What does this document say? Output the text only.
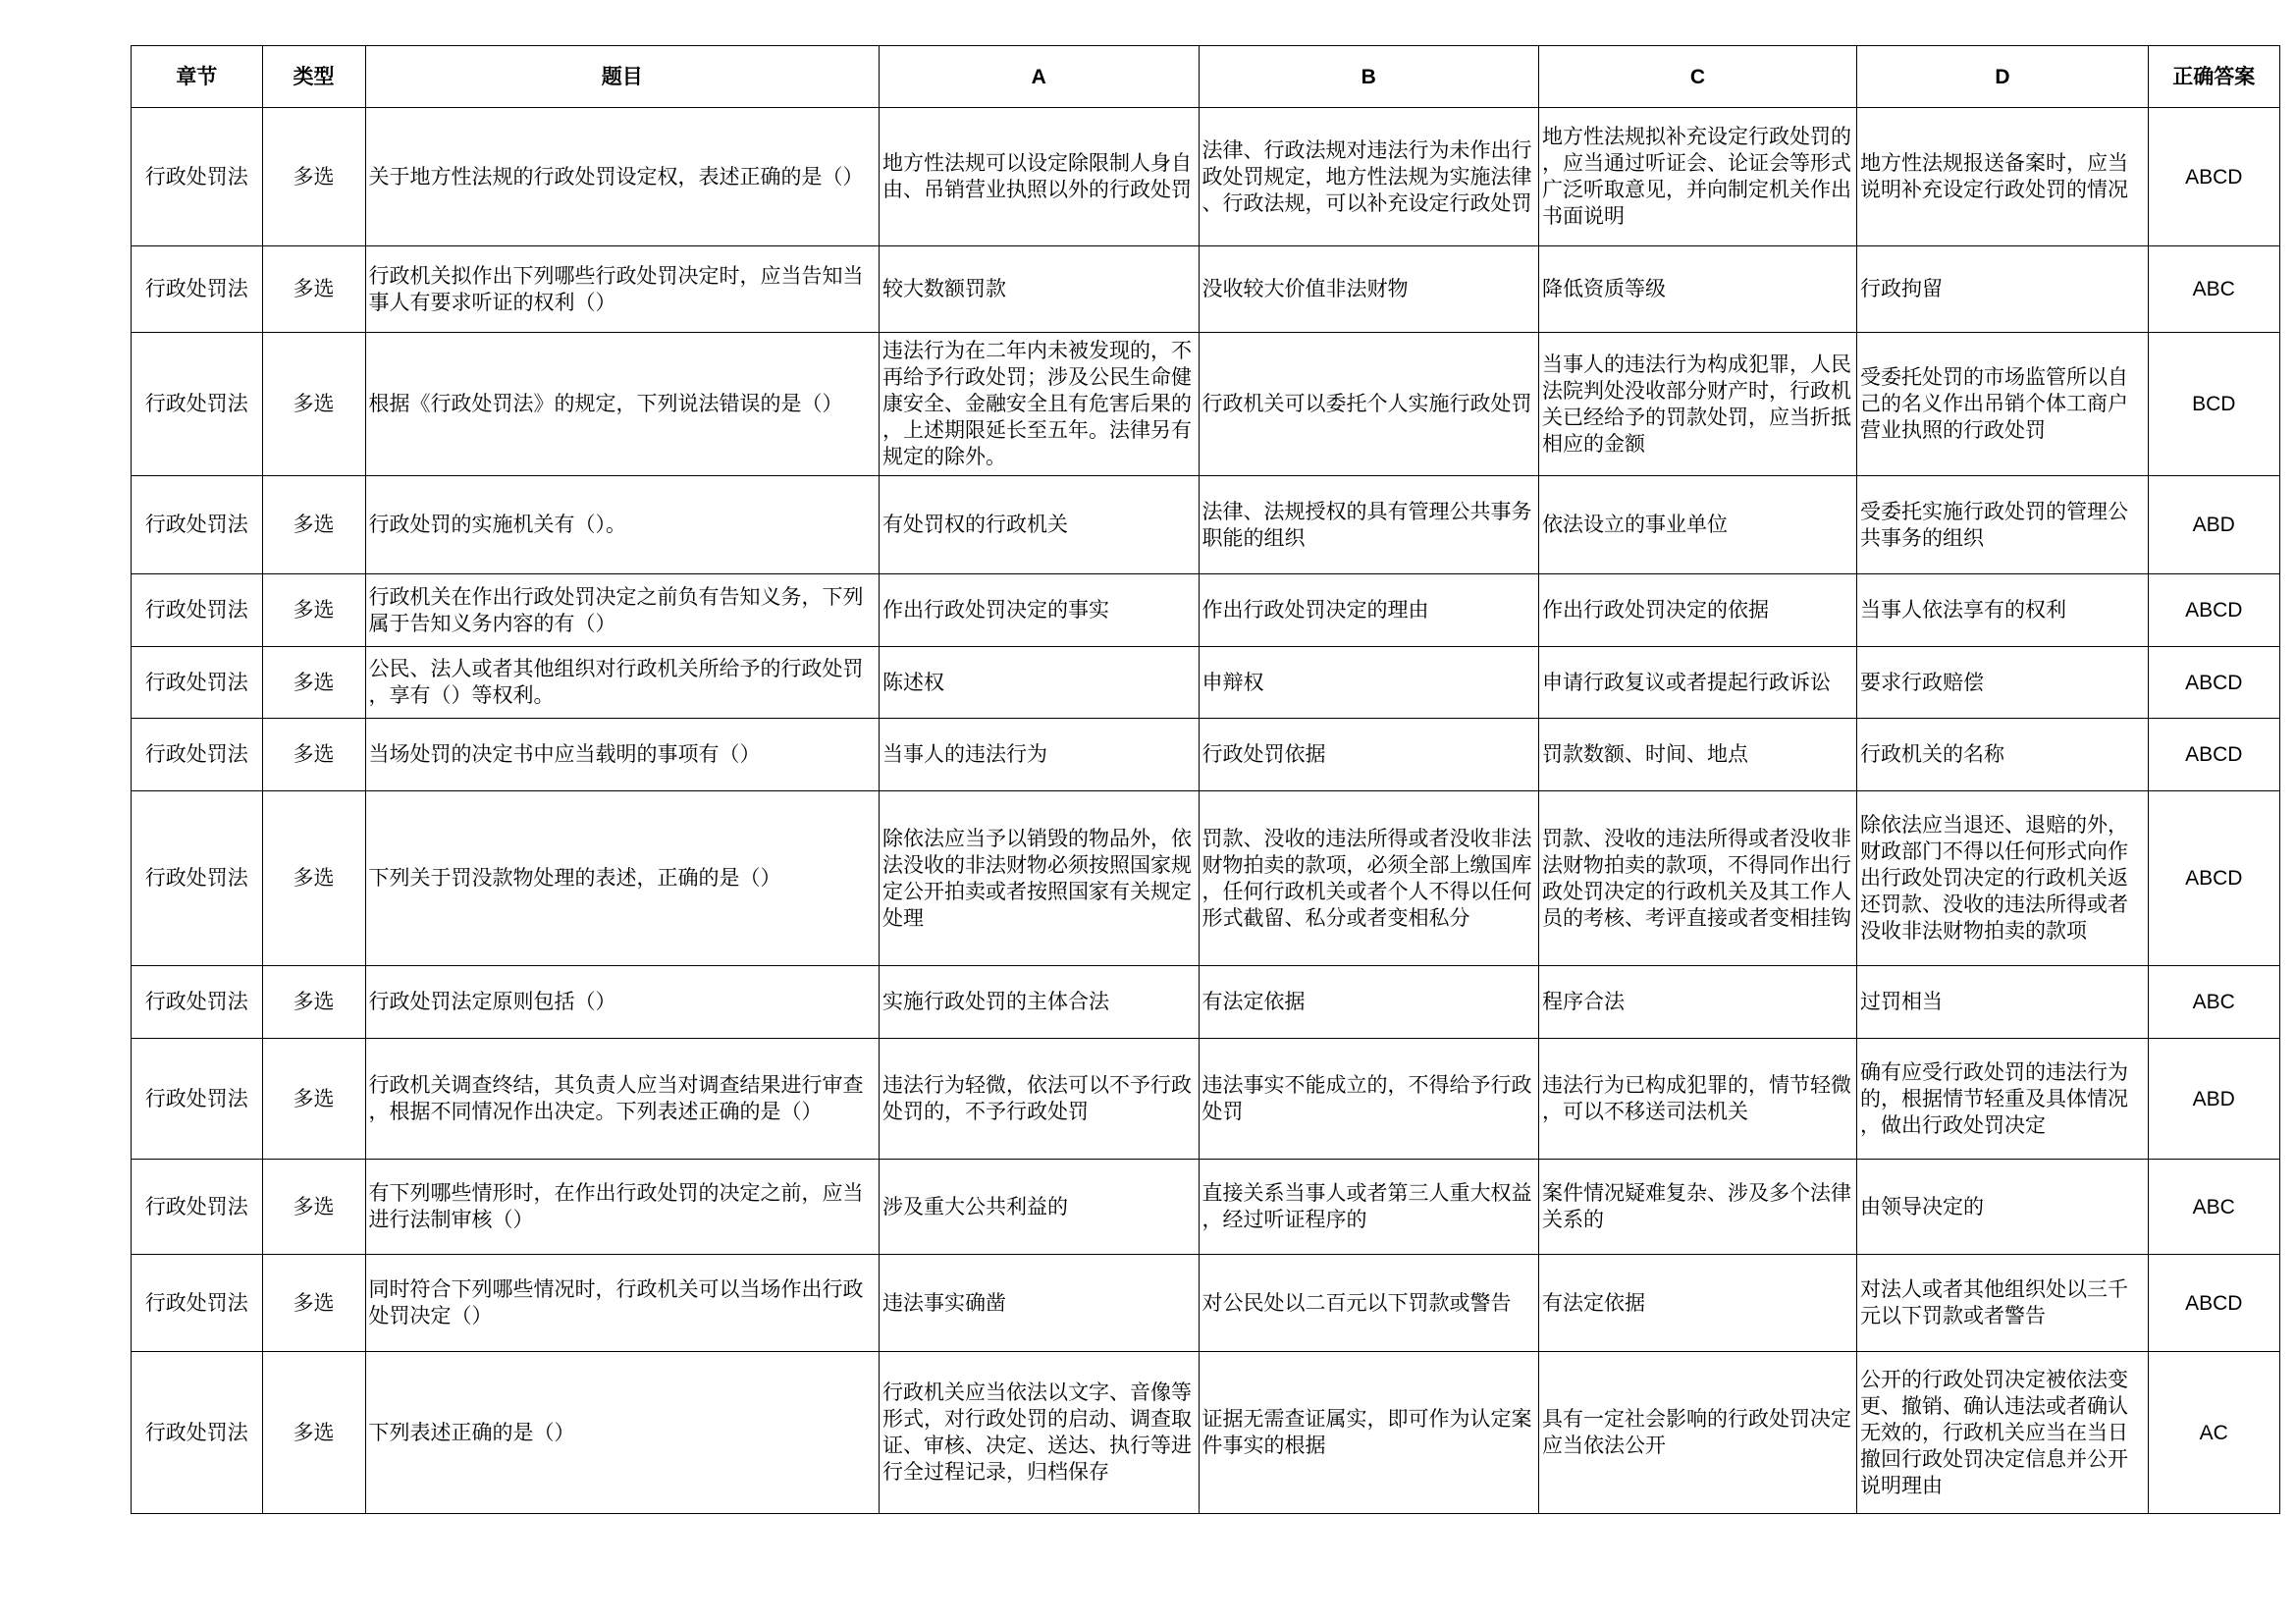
章节	类型	题目	A	B	C	D	正确答案
行政处罚法	多选	关于地方性法规的行政处罚设定权，表述正确的是（）	地方性法规可以设定除限制人身自由、吊销营业执照以外的行政处罚	法律、行政法规对违法行为未作出行政处罚规定，地方性法规为实施法律、行政法规，可以补充设定行政处罚	地方性法规拟补充设定行政处罚的，应当通过听证会、论证会等形式广泛听取意见，并向制定机关作出书面说明	地方性法规报送备案时，应当说明补充设定行政处罚的情况	ABCD
行政处罚法	多选	行政机关拟作出下列哪些行政处罚决定时，应当告知当事人有要求听证的权利（）	较大数额罚款	没收较大价值非法财物	降低资质等级	行政拘留	ABC
行政处罚法	多选	根据《行政处罚法》的规定，下列说法错误的是（）	违法行为在二年内未被发现的，不再给予行政处罚；涉及公民生命健康安全、金融安全且有危害后果的，上述期限延长至五年。法律另有规定的除外。	行政机关可以委托个人实施行政处罚	当事人的违法行为构成犯罪，人民法院判处没收部分财产时，行政机关已经给予的罚款处罚，应当折抵相应的金额	受委托处罚的市场监管所以自己的名义作出吊销个体工商户营业执照的行政处罚	BCD
行政处罚法	多选	行政处罚的实施机关有（）。	有处罚权的行政机关	法律、法规授权的具有管理公共事务职能的组织	依法设立的事业单位	受委托实施行政处罚的管理公共事务的组织	ABD
行政处罚法	多选	行政机关在作出行政处罚决定之前负有告知义务，下列属于告知义务内容的有（）	作出行政处罚决定的事实	作出行政处罚决定的理由	作出行政处罚决定的依据	当事人依法享有的权利	ABCD
行政处罚法	多选	公民、法人或者其他组织对行政机关所给予的行政处罚，享有（）等权利。	陈述权	申辩权	申请行政复议或者提起行政诉讼	要求行政赔偿	ABCD
行政处罚法	多选	当场处罚的决定书中应当载明的事项有（）	当事人的违法行为	行政处罚依据	罚款数额、时间、地点	行政机关的名称	ABCD
行政处罚法	多选	下列关于罚没款物处理的表述，正确的是（）	除依法应当予以销毁的物品外，依法没收的非法财物必须按照国家规定公开拍卖或者按照国家有关规定处理	罚款、没收的违法所得或者没收非法财物拍卖的款项，必须全部上缴国库，任何行政机关或者个人不得以任何形式截留、私分或者变相私分	罚款、没收的违法所得或者没收非法财物拍卖的款项，不得同作出行政处罚决定的行政机关及其工作人员的考核、考评直接或者变相挂钩	除依法应当退还、退赔的外，财政部门不得以任何形式向作出行政处罚决定的行政机关返还罚款、没收的违法所得或者没收非法财物拍卖的款项	ABCD
行政处罚法	多选	行政处罚法定原则包括（）	实施行政处罚的主体合法	有法定依据	程序合法	过罚相当	ABC
行政处罚法	多选	行政机关调查终结，其负责人应当对调查结果进行审查，根据不同情况作出决定。下列表述正确的是（）	违法行为轻微，依法可以不予行政处罚的，不予行政处罚	违法事实不能成立的，不得给予行政处罚	违法行为已构成犯罪的，情节轻微，可以不移送司法机关	确有应受行政处罚的违法行为的，根据情节轻重及具体情况，做出行政处罚决定	ABD
行政处罚法	多选	有下列哪些情形时，在作出行政处罚的决定之前，应当进行法制审核（）	涉及重大公共利益的	直接关系当事人或者第三人重大权益，经过听证程序的	案件情况疑难复杂、涉及多个法律关系的	由领导决定的	ABC
行政处罚法	多选	同时符合下列哪些情况时，行政机关可以当场作出行政处罚决定（）	违法事实确凿	对公民处以二百元以下罚款或警告	有法定依据	对法人或者其他组织处以三千元以下罚款或者警告	ABCD
行政处罚法	多选	下列表述正确的是（）	行政机关应当依法以文字、音像等形式，对行政处罚的启动、调查取证、审核、决定、送达、执行等进行全过程记录，归档保存	证据无需查证属实，即可作为认定案件事实的根据	具有一定社会影响的行政处罚决定应当依法公开	公开的行政处罚决定被依法变更、撤销、确认违法或者确认无效的，行政机关应当在当日撤回行政处罚决定信息并公开说明理由	AC
